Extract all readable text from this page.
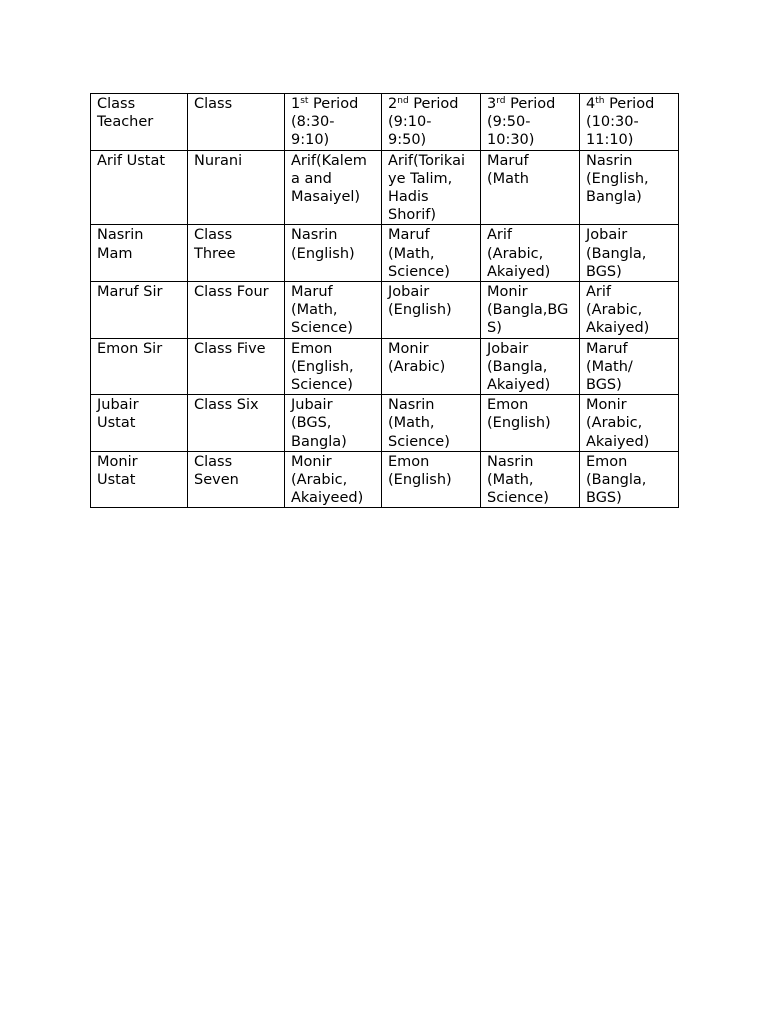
Class
Teacher	Class	1st Period
(8:30-
9:10)	2nd Period
(9:10-
9:50)	3rd Period
(9:50-
10:30)	4th Period
(10:30-
11:10)

Arif Ustat	Nurani	Arif(Kalem
a and
Masaiyel)	Arif(Torikai
ye Talim,
Hadis
Shorif)	Maruf
(Math	Nasrin
(English,
Bangla)

Nasrin
Mam	Class
Three	Nasrin
(English)	Maruf
(Math,
Science)	Arif
(Arabic,
Akaiyed)	Jobair
(Bangla,
BGS)

Maruf Sir	Class Four	Maruf
(Math,
Science)	Jobair
(English)	Monir
(Bangla,BG
S)	Arif
(Arabic,
Akaiyed)

Emon Sir	Class Five	Emon
(English,
Science)	Monir
(Arabic)	Jobair
(Bangla,
Akaiyed)	Maruf
(Math/
BGS)

Jubair
Ustat	Class Six	Jubair
(BGS,
Bangla)	Nasrin
(Math,
Science)	Emon
(English)	Monir
(Arabic,
Akaiyed)

Monir
Ustat	Class
Seven	Monir
(Arabic,
Akaiyeed)	Emon
(English)	Nasrin
(Math,
Science)	Emon
(Bangla,
BGS)
